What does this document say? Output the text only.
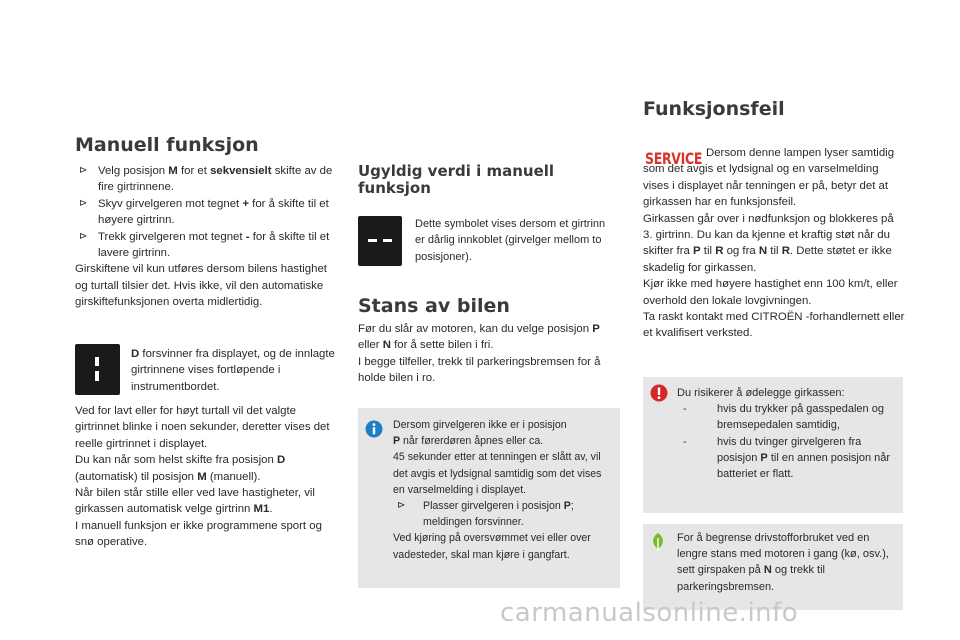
Manuell funksjon
⊳ Velg posisjon M for et sekvensielt skifte av de fire girtrinnene.
⊳ Skyv girvelgeren mot tegnet + for å skifte til et høyere girtrinn.
⊳ Trekk girvelgeren mot tegnet - for å skifte til et lavere girtrinn.

Girskiftene vil kun utføres dersom bilens hastighet og turtall tilsier det. Hvis ikke, vil den automatiske girskiftefunksjonen overta midlertidig.

D forsvinner fra displayet, og de innlagte girtrinnene vises fortløpende i instrumentbordet.

Ved for lavt eller for høyt turtall vil det valgte girtrinnet blinke i noen sekunder, deretter vises det reelle girtrinnet i displayet.

Du kan når som helst skifte fra posisjon D (automatisk) til posisjon M (manuell).

Når bilen står stille eller ved lave hastigheter, vil girkassen automatisk velge girtrinn M1.

I manuell funksjon er ikke programmene sport og snø operative.

Ugyldig verdi i manuell funksjon
Dette symbolet vises dersom et girtrinn er dårlig innkoblet (girvelger mellom to posisjoner).
Stans av bilen

Før du slår av motoren, kan du velge posisjon P eller N for å sette bilen i fri.

I begge tilfeller, trekk til parkeringsbremsen for å holde bilen i ro.

Dersom girvelgeren ikke er i posisjon

P når førerdøren åpnes eller ca.

45 sekunder etter at tenningen er slått av, vil det avgis et lydsignal samtidig som det vises en varselmelding i displayet.

⊳ Plasser girvelgeren i posisjon P; meldingen forsvinner.

Ved kjøring på oversvømmet vei eller over vadesteder, skal man kjøre i gangfart.

Funksjonsfeil
SERVICE Dersom denne lampen lyser samtidig som det avgis et lydsignal og en varselmelding vises i displayet når tenningen er på, betyr det at girkassen har en funksjonsfeil.

Girkassen går over i nødfunksjon og blokkeres på 3. girtrinn. Du kan da kjenne et kraftig støt når du skifter fra P til R og fra N til R. Dette støtet er ikke skadelig for girkassen.

Kjør ikke med høyere hastighet enn 100 km/t, eller overhold den lokale lovgivningen.

Ta raskt kontakt med CITROËN -forhandlernett eller et kvalifisert verksted.

Du risikerer å ødelegge girkassen:

-	hvis du trykker på gasspedalen og bremsepedalen samtidig,
-	hvis du tvinger girvelgeren fra posisjon P til en annen posisjon når batteriet er flatt.
For å begrense drivstofforbruket ved en lengre stans med motoren i gang (kø, osv.), sett girspaken på N og trekk til parkeringsbremsen.
carmanualsonline.info
